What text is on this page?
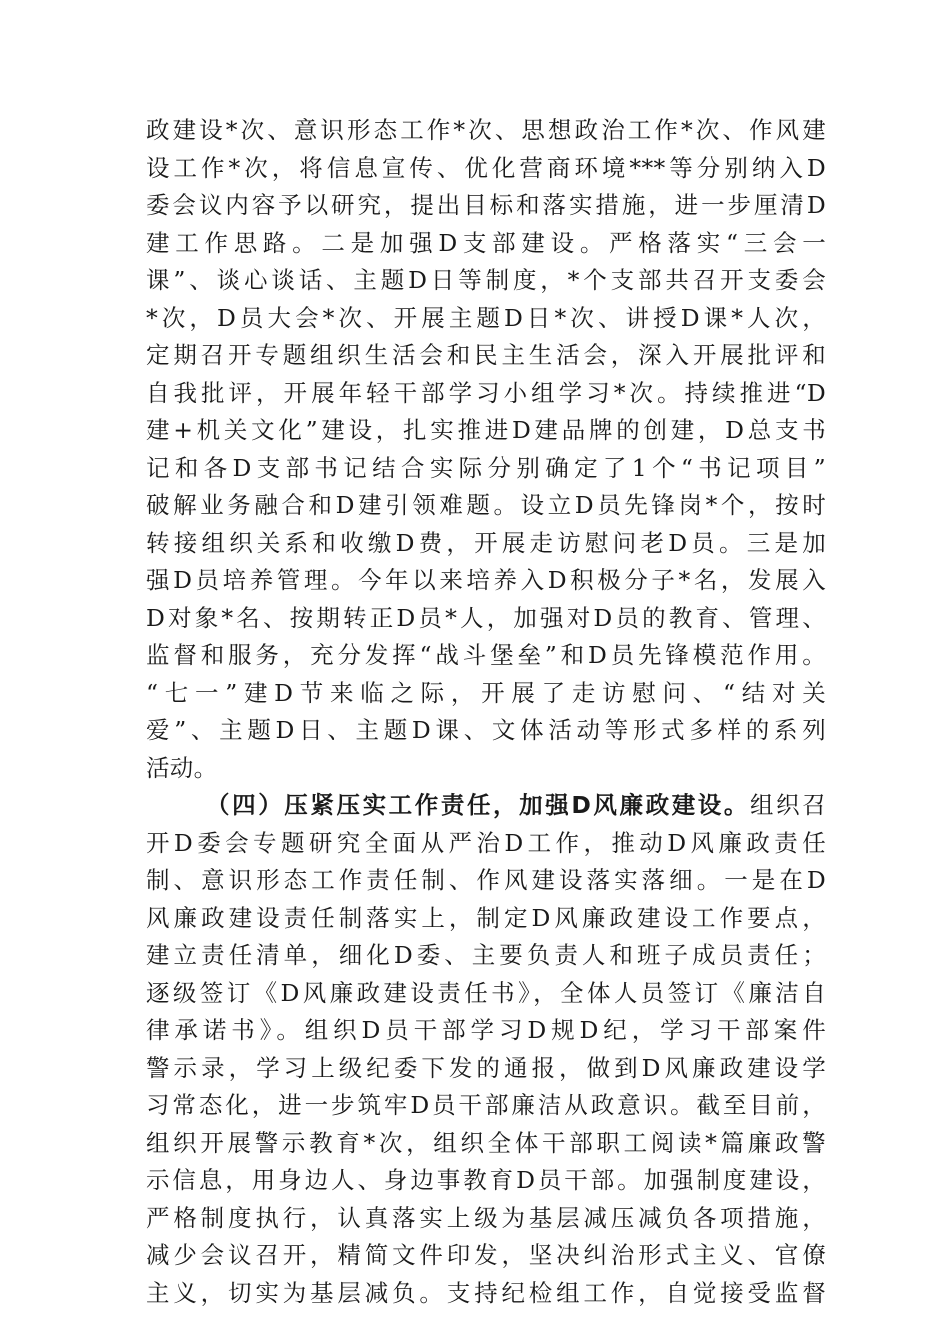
政建设*次、意识形态工作*次、思想政治工作*次、作风建
设工作*次，将信息宣传、优化营商环境***等分别纳入D
委会议内容予以研究，提出目标和落实措施，进一步厘清D
建工作思路。二是加强D支部建设。严格落实“三会一
课”、谈心谈话、主题D日等制度，*个支部共召开支委会
*次，D员大会*次、开展主题D日*次、讲授D课*人次，
定期召开专题组织生活会和民主生活会，深入开展批评和
自我批评，开展年轻干部学习小组学习*次。持续推进“D
建+机关文化”建设，扎实推进D建品牌的创建，D总支书
记和各D支部书记结合实际分别确定了1个“书记项目”
破解业务融合和D建引领难题。设立D员先锋岗*个，按时
转接组织关系和收缴D费，开展走访慰问老D员。三是加
强D员培养管理。今年以来培养入D积极分子*名，发展入
D对象*名、按期转正D员*人，加强对D员的教育、管理、
监督和服务，充分发挥“战斗堡垒”和D员先锋模范作用。
“七一”建D节来临之际，开展了走访慰问、“结对关
爱”、主题D日、主题D课、文体活动等形式多样的系列
活动。
（四）压紧压实工作责任，加强D风廉政建设。组织召
开D委会专题研究全面从严治D工作，推动D风廉政责任
制、意识形态工作责任制、作风建设落实落细。一是在D
风廉政建设责任制落实上，制定D风廉政建设工作要点，
建立责任清单，细化D委、主要负责人和班子成员责任；
逐级签订《D风廉政建设责任书》，全体人员签订《廉洁自
律承诺书》。组织D员干部学习D规D纪，学习干部案件
警示录，学习上级纪委下发的通报，做到D风廉政建设学
习常态化，进一步筑牢D员干部廉洁从政意识。截至目前，
组织开展警示教育*次，组织全体干部职工阅读*篇廉政警
示信息，用身边人、身边事教育D员干部。加强制度建设，
严格制度执行，认真落实上级为基层减压减负各项措施，
减少会议召开，精简文件印发，坚决纠治形式主义、官僚
主义，切实为基层减负。支持纪检组工作，自觉接受监督
